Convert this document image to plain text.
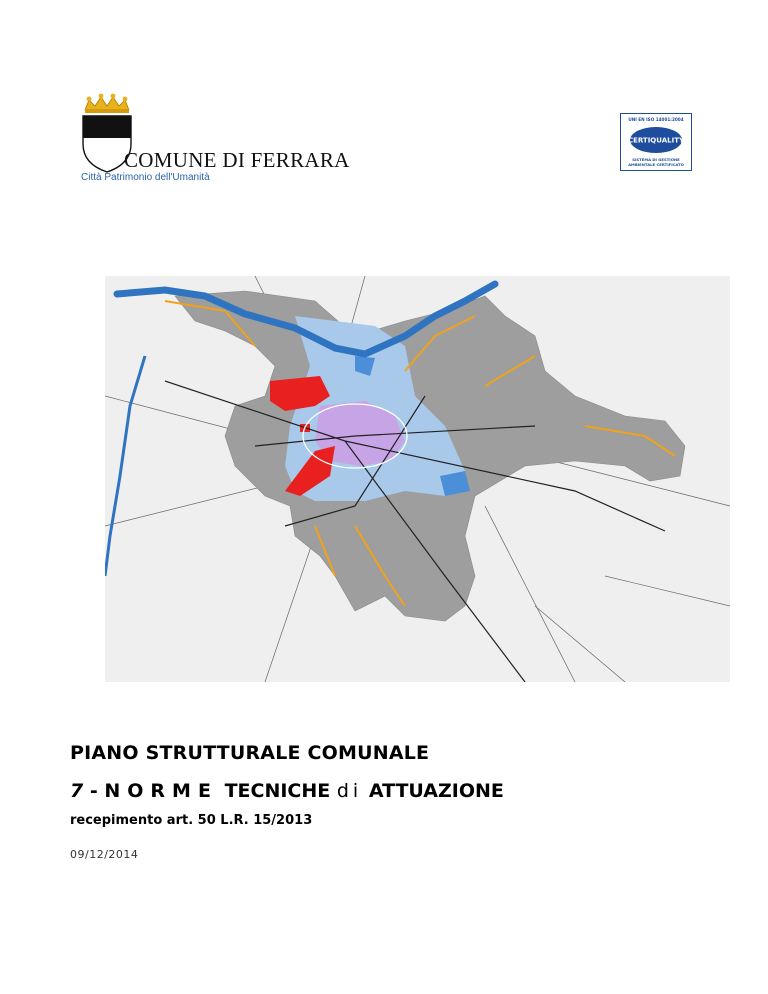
COMUNE DI FERRARA
Città Patrimonio dell'Umanità
UNI EN ISO 14001:2004
CERTIQUALITY
SISTEMA DI GESTIONE
AMBIENTALE CERTIFICATO
PIANO STRUTTURALE COMUNALE
7 - NORME TECNICHE di ATTUAZIONE
recepimento art. 50 L.R. 15/2013
09/12/2014
